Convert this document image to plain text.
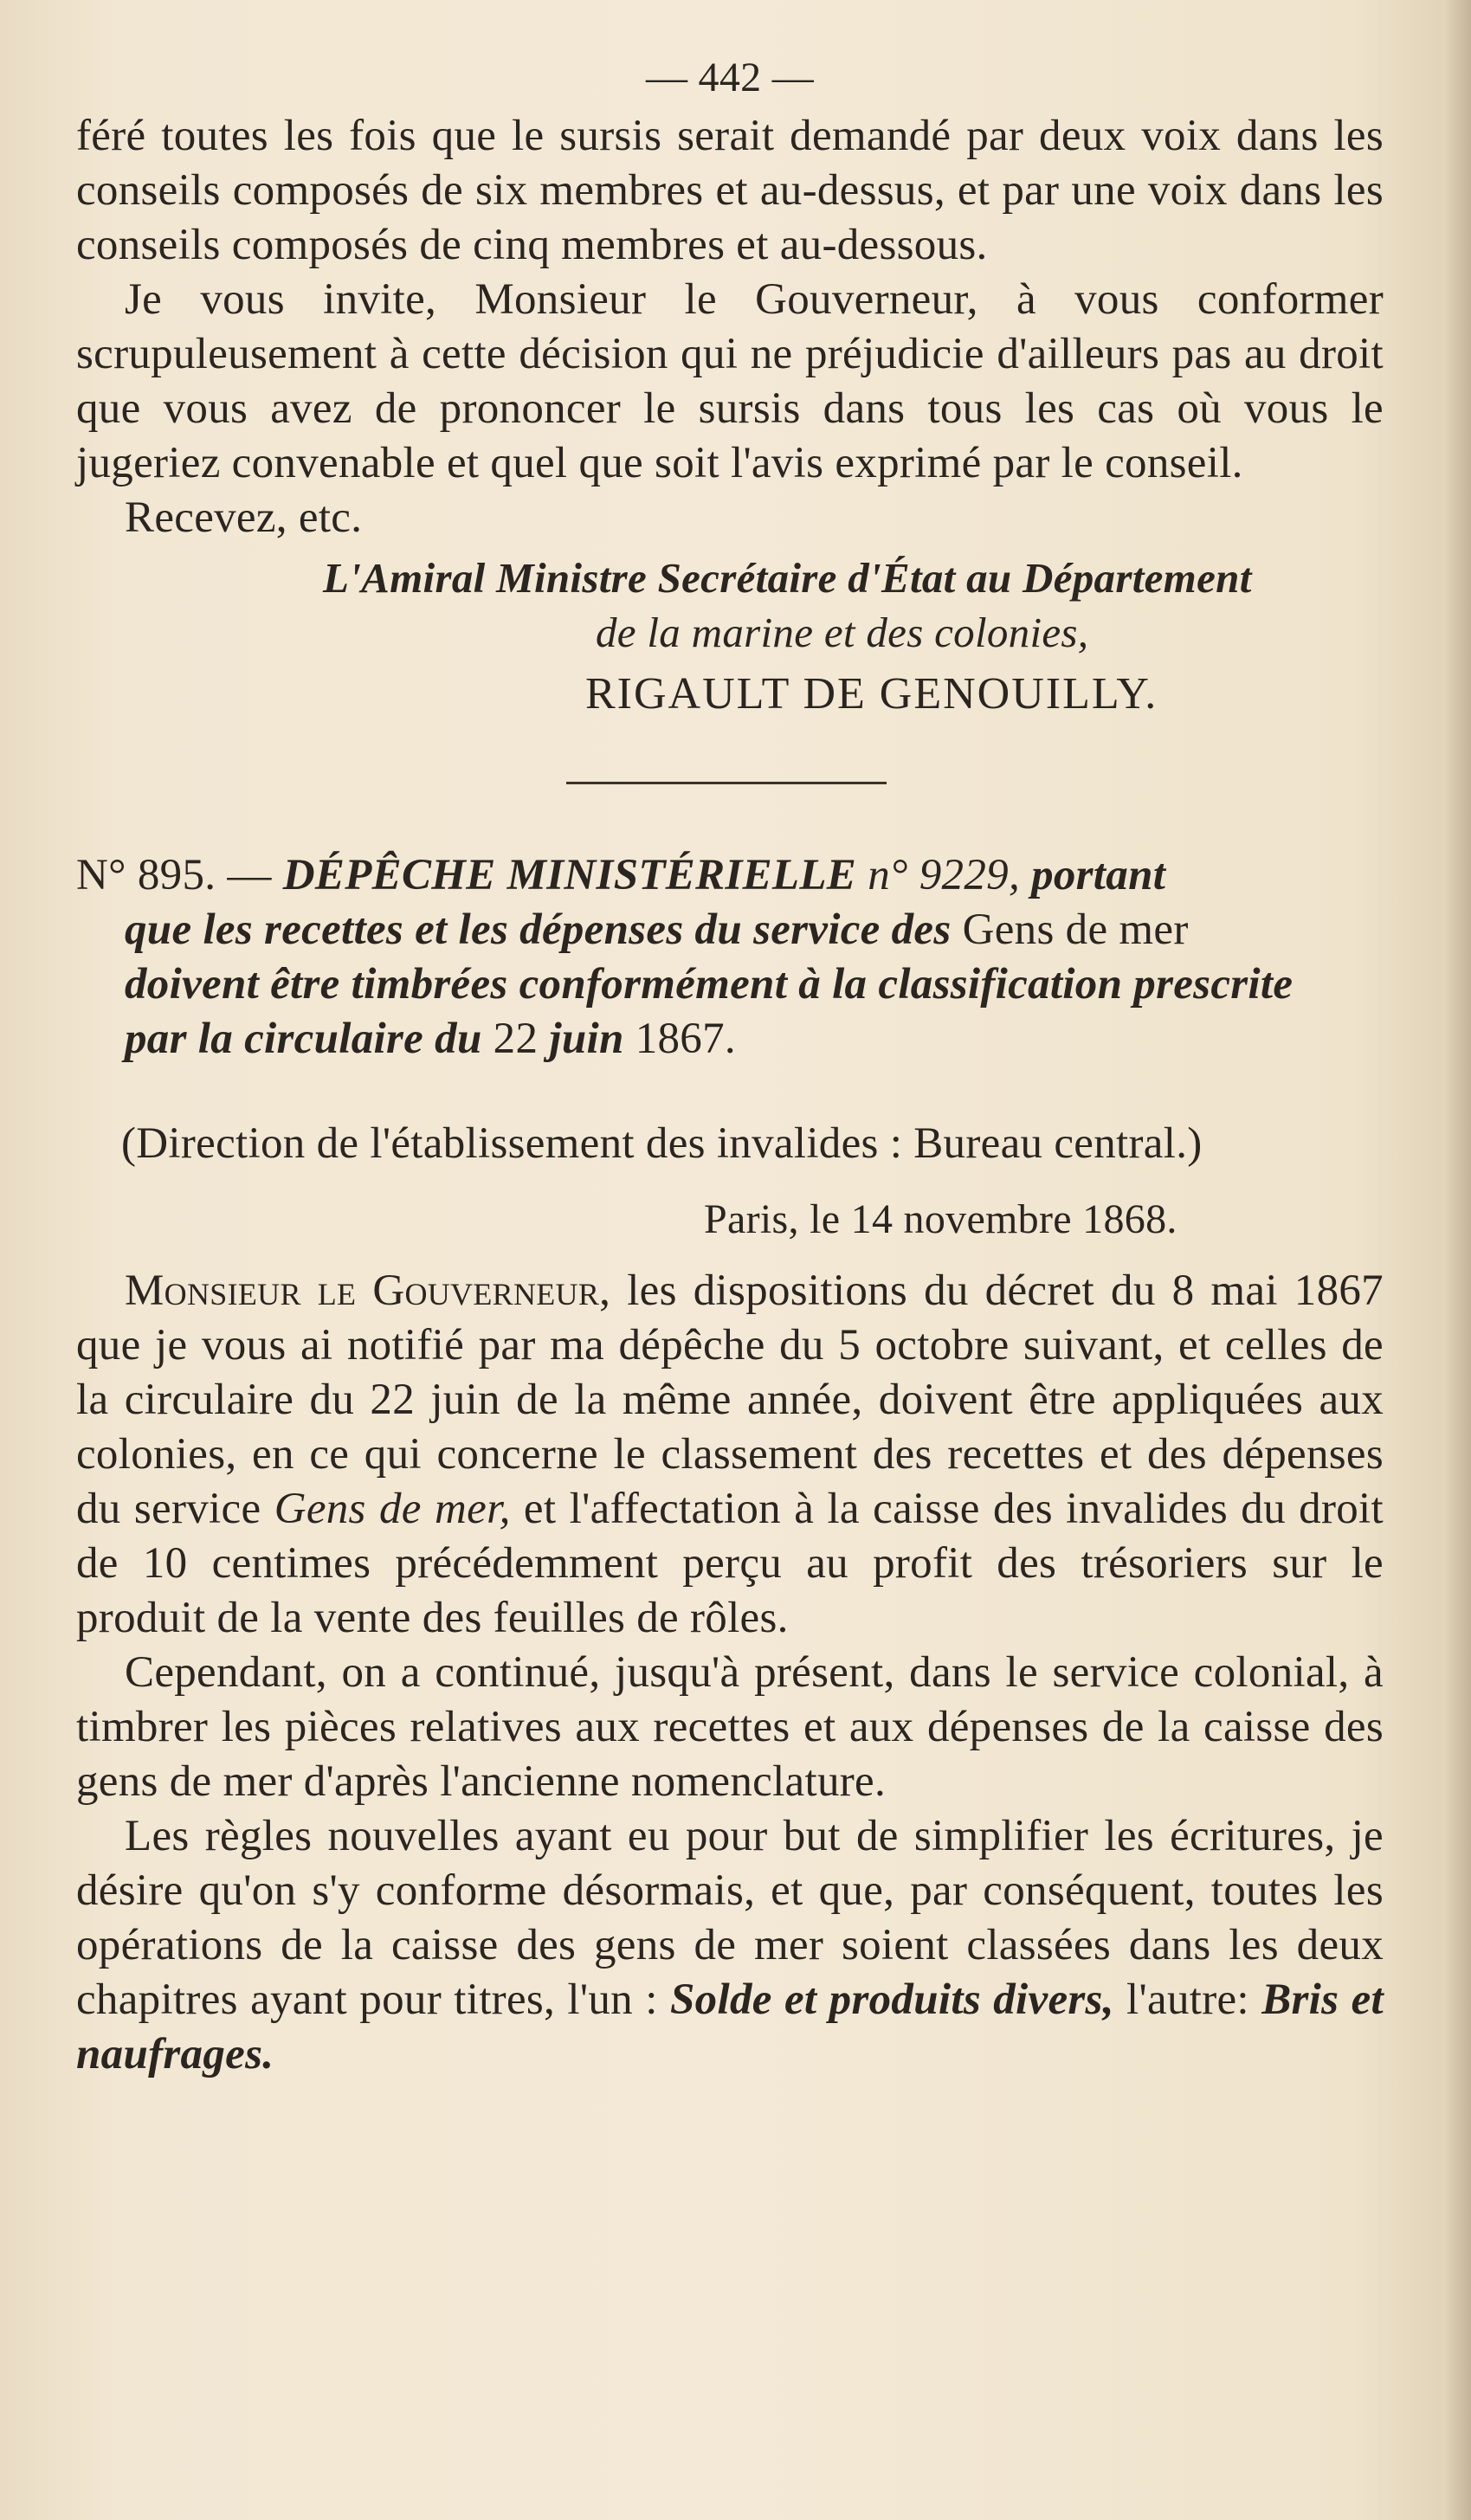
— 442 —

féré toutes les fois que le sursis serait demandé par deux voix dans les conseils composés de six membres et au-dessus, et par une voix dans les conseils composés de cinq membres et au-dessous.

Je vous invite, Monsieur le Gouverneur, à vous conformer scrupuleusement à cette décision qui ne préjudicie d'ailleurs pas au droit que vous avez de prononcer le sursis dans tous les cas où vous le jugeriez convenable et quel que soit l'avis exprimé par le conseil.

Recevez, etc.

L'Amiral Ministre Secrétaire d'État au Département
de la marine et des colonies,
RIGAULT DE GENOUILLY.

N° 895. — DÉPÊCHE MINISTÉRIELLE n° 9229, portant

que les recettes et les dépenses du service des Gens de mer
doivent être timbrées conformément à la classification prescrite
par la circulaire du 22 juin 1867.
(Direction de l'établissement des invalides : Bureau central.)
Paris, le 14 novembre 1868.

Monsieur le Gouverneur, les dispositions du décret du 8 mai 1867 que je vous ai notifié par ma dépêche du 5 octobre suivant, et celles de la circulaire du 22 juin de la même année, doivent être appliquées aux colonies, en ce qui concerne le classement des recettes et des dépenses du service Gens de mer, et l'affectation à la caisse des invalides du droit de 10 centimes précédemment perçu au profit des trésoriers sur le produit de la vente des feuilles de rôles.

Cependant, on a continué, jusqu'à présent, dans le service colonial, à timbrer les pièces relatives aux recettes et aux dépenses de la caisse des gens de mer d'après l'ancienne nomenclature.

Les règles nouvelles ayant eu pour but de simplifier les écritures, je désire qu'on s'y conforme désormais, et que, par conséquent, toutes les opérations de la caisse des gens de mer soient classées dans les deux chapitres ayant pour titres, l'un : Solde et produits divers, l'autre: Bris et naufrages.
